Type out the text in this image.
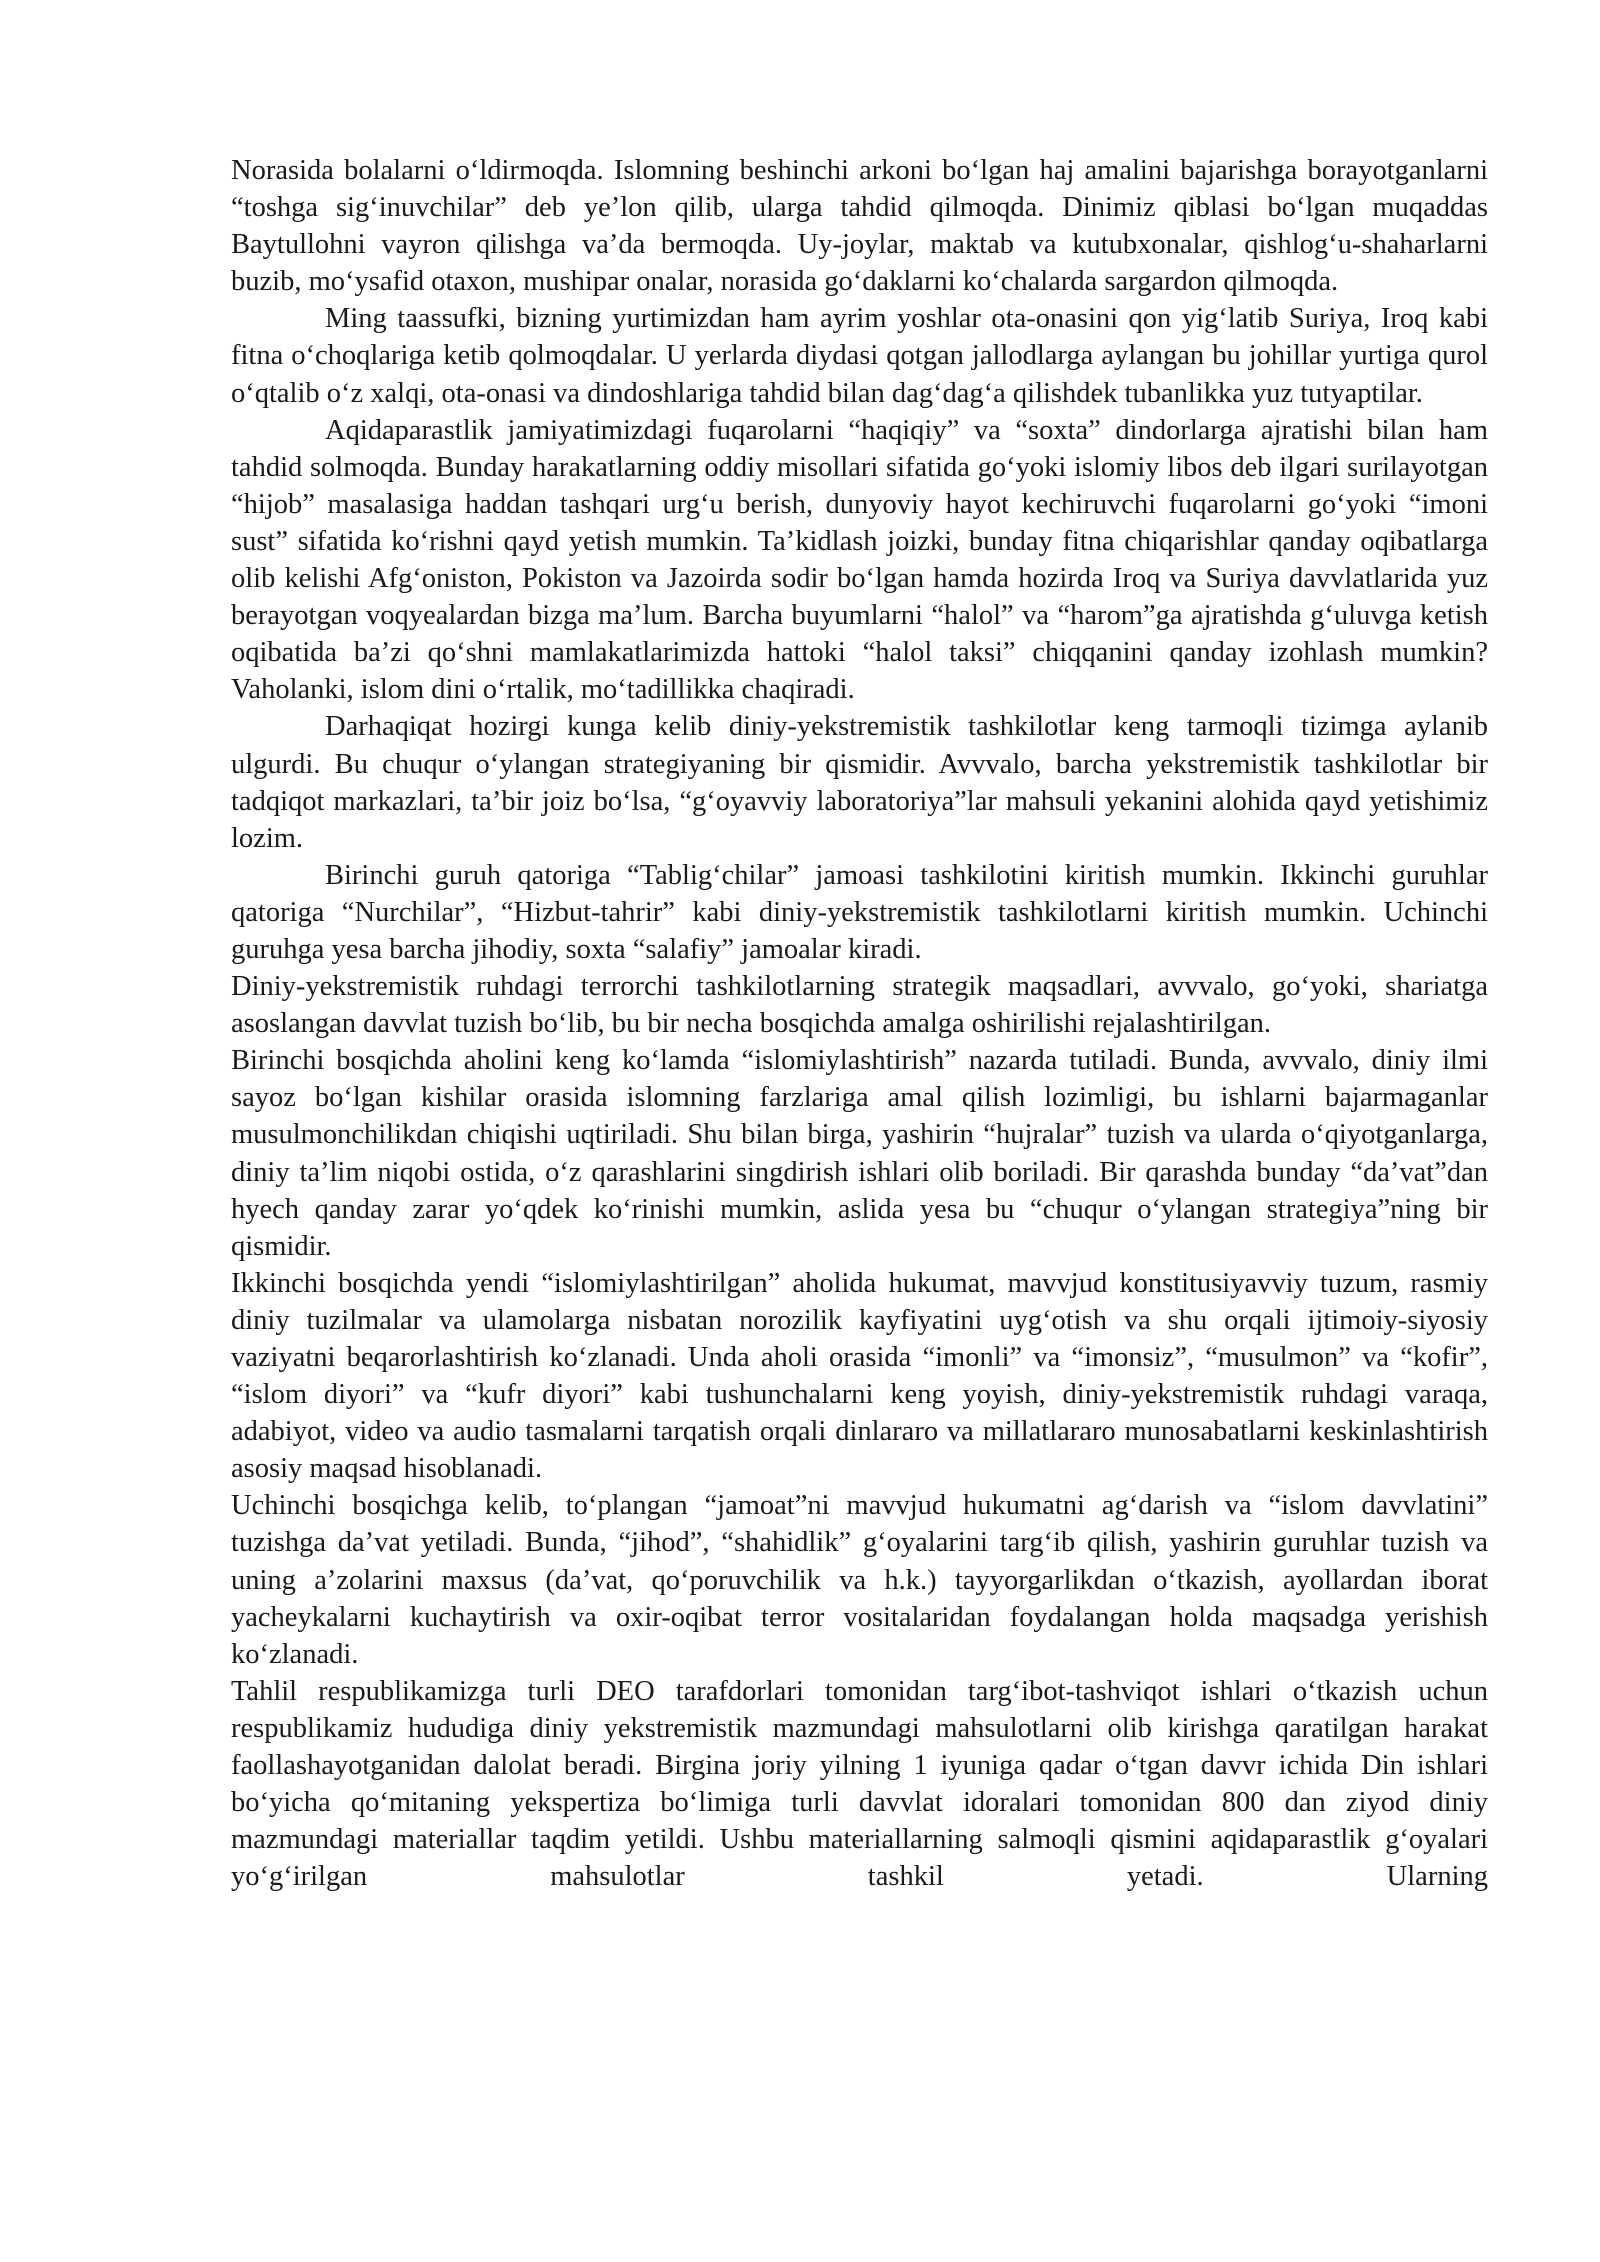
Norasida bolalarni o‘ldirmoqda. Islomning beshinchi arkoni bo‘lgan haj amalini bajarishga borayotganlarni “toshga sig‘inuvchilar” deb ye’lon qilib, ularga tahdid qilmoqda. Dinimiz qiblasi bo‘lgan muqaddas Baytullohni vayron qilishga va’da bermoqda. Uy-joylar, maktab va kutubxonalar, qishlog‘u-shaharlarni buzib, mo‘ysafid otaxon, mushipar onalar, norasida go‘daklarni ko‘chalarda sargardon qilmoqda.

Ming taassufki, bizning yurtimizdan ham ayrim yoshlar ota-onasini qon yig‘latib Suriya, Iroq kabi fitna o‘choqlariga ketib qolmoqdalar. U yerlarda diydasi qotgan jallodlarga aylangan bu johillar yurtiga qurol o‘qtalib o‘z xalqi, ota-onasi va dindoshlariga tahdid bilan dag‘dag‘a qilishdek tubanlikka yuz tutyaptilar.

Aqidaparastlik jamiyatimizdagi fuqarolarni “haqiqiy” va “soxta” dindorlarga ajratishi bilan ham tahdid solmoqda. Bunday harakatlarning oddiy misollari sifatida go‘yoki islomiy libos deb ilgari surilayotgan “hijob” masalasiga haddan tashqari urg‘u berish, dunyoviy hayot kechiruvchi fuqarolarni go‘yoki “imoni sust” sifatida ko‘rishni qayd yetish mumkin. Ta’kidlash joizki, bunday fitna chiqarishlar qanday oqibatlarga olib kelishi Afg‘oniston, Pokiston va Jazoirda sodir bo‘lgan hamda hozirda Iroq va Suriya davvlatlarida yuz berayotgan voqyealardan bizga ma’lum. Barcha buyumlarni “halol” va “harom”ga ajratishda g‘uluvga ketish oqibatida ba’zi qo‘shni mamlakatlarimizda hattoki “halol taksi” chiqqanini qanday izohlash mumkin? Vaholanki, islom dini o‘rtalik, mo‘tadillikka chaqiradi.

Darhaqiqat hozirgi kunga kelib diniy-yekstremistik tashkilotlar keng tarmoqli tizimga aylanib ulgurdi. Bu chuqur o‘ylangan strategiyaning bir qismidir. Avvvalo, barcha yekstremistik tashkilotlar bir tadqiqot markazlari, ta’bir joiz bo‘lsa, “g‘oyavviy laboratoriya”lar mahsuli yekanini alohida qayd yetishimiz lozim.

Birinchi guruh qatoriga “Tablig‘chilar” jamoasi tashkilotini kiritish mumkin. Ikkinchi guruhlar qatoriga “Nurchilar”, “Hizbut-tahrir” kabi diniy-yekstremistik tashkilotlarni kiritish mumkin. Uchinchi guruhga yesa barcha jihodiy, soxta “salafiy” jamoalar kiradi.

Diniy-yekstremistik ruhdagi terrorchi tashkilotlarning strategik maqsadlari, avvvalo, go‘yoki, shariatga asoslangan davvlat tuzish bo‘lib, bu bir necha bosqichda amalga oshirilishi rejalashtirilgan.

Birinchi bosqichda aholini keng ko‘lamda “islomiylashtirish” nazarda tutiladi. Bunda, avvvalo, diniy ilmi sayoz bo‘lgan kishilar orasida islomning farzlariga amal qilish lozimligi, bu ishlarni bajarmaganlar musulmonchilikdan chiqishi uqtiriladi. Shu bilan birga, yashirin “hujralar” tuzish va ularda o‘qiyotganlarga, diniy ta’lim niqobi ostida, o‘z qarashlarini singdirish ishlari olib boriladi. Bir qarashda bunday “da’vat”dan hyech qanday zarar yo‘qdek ko‘rinishi mumkin, aslida yesa bu “chuqur o‘ylangan strategiya”ning bir qismidir.

Ikkinchi bosqichda yendi “islomiylashtirilgan” aholida hukumat, mavvjud konstitusiyavviy tuzum, rasmiy diniy tuzilmalar va ulamolarga nisbatan norozilik kayfiyatini uyg‘otish va shu orqali ijtimoiy-siyosiy vaziyatni beqarorlashtirish ko‘zlanadi. Unda aholi orasida “imonli” va “imonsiz”, “musulmon” va “kofir”, “islom diyori” va “kufr diyori” kabi tushunchalarni keng yoyish, diniy-yekstremistik ruhdagi varaqa, adabiyot, video va audio tasmalarni tarqatish orqali dinlararo va millatlararo munosabatlarni keskinlashtirish asosiy maqsad hisoblanadi.

Uchinchi bosqichga kelib, to‘plangan “jamoat”ni mavvjud hukumatni ag‘darish va “islom davvlatini” tuzishga da’vat yetiladi. Bunda, “jihod”, “shahidlik” g‘oyalarini targ‘ib qilish, yashirin guruhlar tuzish va uning a’zolarini maxsus (da’vat, qo‘poruvchilik va h.k.) tayyorgarlikdan o‘tkazish, ayollardan iborat yacheykalarni kuchaytirish va oxir-oqibat terror vositalaridan foydalangan holda maqsadga yerishish ko‘zlanadi.

Tahlil respublikamizga turli DEO tarafdorlari tomonidan targ‘ibot-tashviqot ishlari o‘tkazish uchun respublikamiz hududiga diniy yekstremistik mazmundagi mahsulotlarni olib kirishga qaratilgan harakat faollashayotganidan dalolat beradi. Birgina joriy yilning 1 iyuniga qadar o‘tgan davvr ichida Din ishlari bo‘yicha qo‘mitaning yekspertiza bo‘limiga turli davvlat idoralari tomonidan 800 dan ziyod diniy mazmundagi materiallar taqdim yetildi. Ushbu materiallarning salmoqli qismini aqidaparastlik g‘oyalari yo‘g‘irilgan mahsulotlar tashkil yetadi. Ularning
